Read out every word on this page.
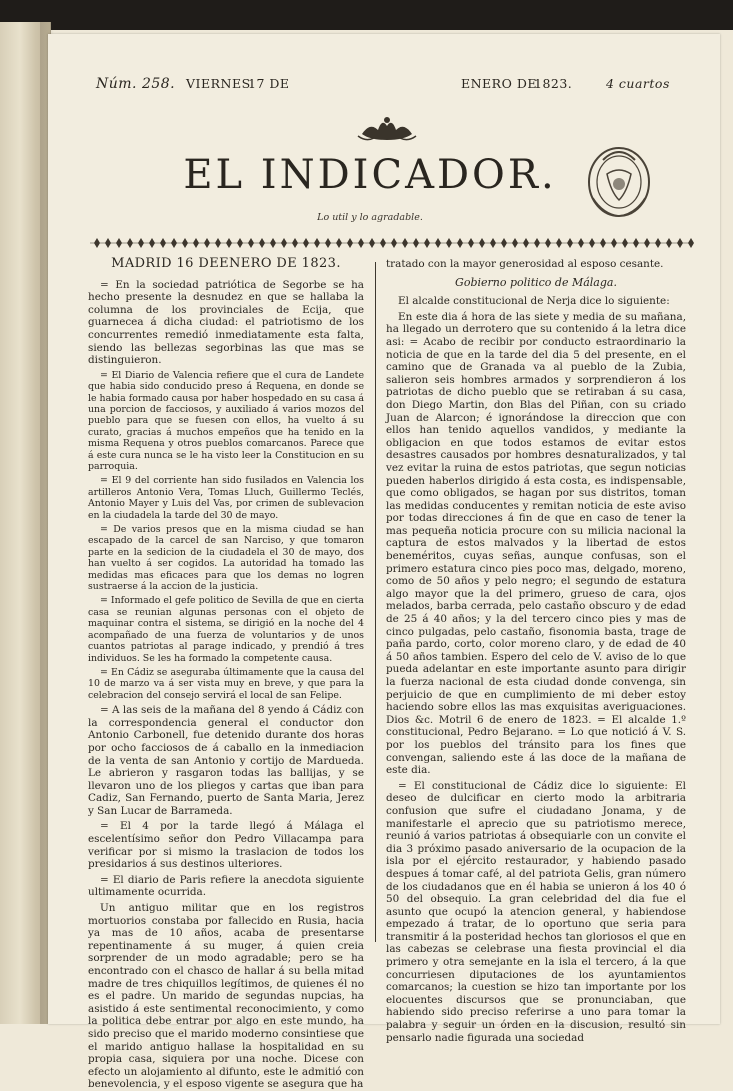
Núm. 258. VIERNES
17 DE	ENERO DE
1823.	4 cuartos
EL INDICADOR.
Lo util y lo agradable.

MADRID 16 DEENERO DE 1823.

= En la sociedad patriótica de Segorbe se ha hecho presente la desnudez en que se hallaba la columna de los provinciales de Ecija, que guarnecea á dicha ciudad: el patriotismo de los concurrentes remedió inmediatamente esta falta, siendo las bellezas segorbinas las que mas se distinguieron.

= El Diario de Valencia refiere que el cura de Landete que habia sido conducido preso á Requena, en donde se le habia formado causa por haber hospedado en su casa á una porcion de facciosos, y auxiliado á varios mozos del pueblo para que se fuesen con ellos, ha vuelto á su curato, gracias á muchos empeños que ha tenido en la misma Requena y otros pueblos comarcanos. Parece que á este cura nunca se le ha visto leer la Constitucion en su parroquia.

= El 9 del corriente han sido fusilados en Valencia los artilleros Antonio Vera, Tomas Lluch, Guillermo Teclés, Antonio Mayer y Luis del Vas, por crimen de sublevacion en la ciudadela la tarde del 30 de mayo.

= De varios presos que en la misma ciudad se han escapado de la carcel de san Narciso, y que tomaron parte en la sedicion de la ciudadela el 30 de mayo, dos han vuelto á ser cogidos. La autoridad ha tomado las medidas mas eficaces para que los demas no logren sustraerse á la accion de la justicia.

= Informado el gefe politico de Sevilla de que en cierta casa se reunian algunas personas con el objeto de maquinar contra el sistema, se dirigió en la noche del 4 acompañado de una fuerza de voluntarios y de unos cuantos patriotas al parage indicado, y prendió á tres individuos. Se les ha formado la competente causa.

= En Cádiz se aseguraba últimamente que la causa del 10 de marzo va á ser vista muy en breve, y que para la celebracion del consejo servirá el local de san Felipe.

= A las seis de la mañana del 8 yendo á Cádiz con la correspondencia general el conductor don Antonio Carbonell, fue detenido durante dos horas por ocho facciosos de á caballo en la inmediacion de la venta de san Antonio y cortijo de Mardueda. Le abrieron y rasgaron todas las ballijas, y se llevaron uno de los pliegos y cartas que iban para Cadiz, San Fernando, puerto de Santa Maria, Jerez y San Lucar de Barrameda.

= El 4 por la tarde llegó á Málaga el escelentísimo señor don Pedro Villacampa para verificar por si mismo la traslacion de todos los presidarios á sus destinos ulteriores.

= El diario de Paris refiere la anecdota siguiente ultimamente ocurrida.

Un antiguo militar que en los registros mortuorios constaba por fallecido en Rusia, hacia ya mas de 10 años, acaba de presentarse repentinamente á su muger, á quien creia sorprender de un modo agradable; pero se ha encontrado con el chasco de hallar á su bella mitad madre de tres chiquillos legítimos, de quienes él no es el padre. Un marido de segundas nupcias, ha asistido á este sentimental reconocimiento, y como la politica debe entrar por algo en este mundo, ha sido preciso que el marido moderno consintiese que el marido antiguo hallase la hospitalidad en su propia casa, siquiera por una noche. Dicese con efecto un alojamiento al difunto, este le admitió con benevolencia, y el esposo vigente se asegura que ha

tratado con la mayor generosidad al esposo cesante.

Gobierno politico de Málaga.

El alcalde constitucional de Nerja dice lo siguiente:

En este dia á hora de las siete y media de su mañana, ha llegado un derrotero que su contenido á la letra dice asi: = Acabo de recibir por conducto estraordinario la noticia de que en la tarde del dia 5 del presente, en el camino que de Granada va al pueblo de la Zubia, salieron seis hombres armados y sorprendieron á los patriotas de dicho pueblo que se retiraban á su casa, don Diego Martin, don Blas del Piñan, con su criado Juan de Alarcon; é ignorándose la direccion que con ellos han tenido aquellos vandidos, y mediante la obligacion en que todos estamos de evitar estos desastres causados por hombres desnaturalizados, y tal vez evitar la ruina de estos patriotas, que segun noticias pueden haberlos dirigido á esta costa, es indispensable, que como obligados, se hagan por sus distritos, toman las medidas conducentes y remitan noticia de este aviso por todas direcciones á fin de que en caso de tener la mas pequeña noticia procure con su milicia nacional la captura de estos malvados y la libertad de estos beneméritos, cuyas señas, aunque confusas, son el primero estatura cinco pies poco mas, delgado, moreno, como de 50 años y pelo negro; el segundo de estatura algo mayor que la del primero, grueso de cara, ojos melados, barba cerrada, pelo castaño obscuro y de edad de 25 á 40 años; y la del tercero cinco pies y mas de cinco pulgadas, pelo castaño, fisonomia basta, trage de paña pardo, corto, color moreno claro, y de edad de 40 á 50 años tambien. Espero del celo de V. aviso de lo que pueda adelantar en este importante asunto para dirigir la fuerza nacional de esta ciudad donde convenga, sin perjuicio de que en cumplimiento de mi deber estoy haciendo sobre ellos las mas exquisitas averiguaciones. Dios &c. Motril 6 de enero de 1823. = El alcalde 1.º constitucional, Pedro Bejarano. = Lo que notició á V. S. por los pueblos del tránsito para los fines que convengan, saliendo este á las doce de la mañana de este dia.

= El constitucional de Cádiz dice lo siguiente: El deseo de dulcificar en cierto modo la arbitraria confusion que sufre el ciudadano Jonama, y de manifestarle el aprecio que su patriotismo merece, reunió á varios patriotas á obsequiarle con un convite el dia 3 próximo pasado aniversario de la ocupacion de la isla por el ejército restaurador, y habiendo pasado despues á tomar café, al del patriota Gelis, gran número de los ciudadanos que en él habia se unieron á los 40 ó 50 del obsequio. La gran celebridad del dia fue el asunto que ocupó la atencion general, y habiendose empezado á tratar, de lo oportuno que seria para transmitir á la posteridad hechos tan gloriosos el que en las cabezas se celebrase una fiesta provincial el dia primero y otra semejante en la isla el tercero, á la que concurriesen diputaciones de los ayuntamientos comarcanos; la cuestion se hizo tan importante por los elocuentes discursos que se pronunciaban, que habiendo sido preciso referirse a uno para tomar la palabra y seguir un órden en la discusion, resultó sin pensarlo nadie figurada una sociedad
